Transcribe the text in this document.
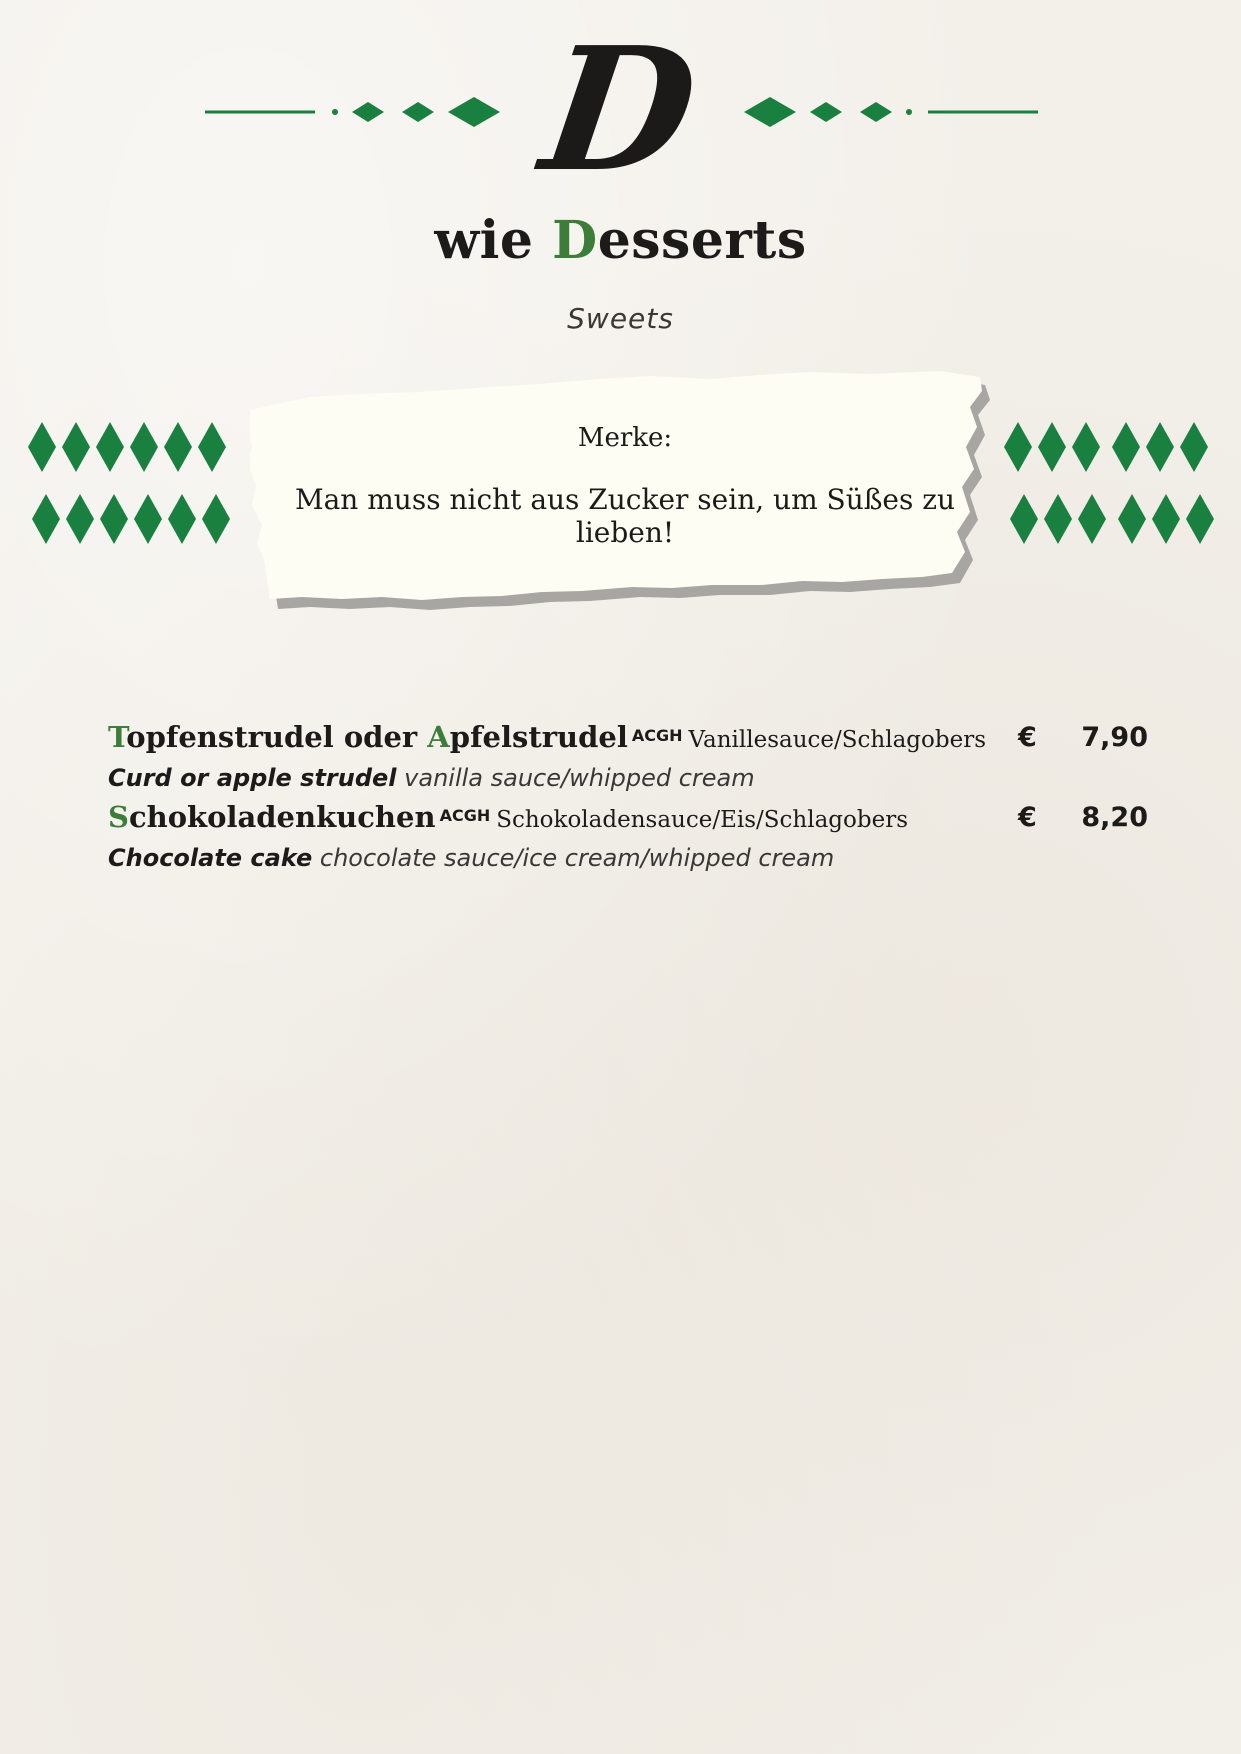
D
wie Desserts
Sweets
Merke:
Man muss nicht aus Zucker sein, um Süßes zu lieben!
Topfenstrudel oder Apfelstrudel ACGH Vanillesauce/Schlagobers €	7,90
Curd or apple strudel vanilla sauce/whipped cream
Schokoladenkuchen ACGH Schokoladensauce/Eis/Schlagobers	€	8,20
Chocolate cake chocolate sauce/ice cream/whipped cream
